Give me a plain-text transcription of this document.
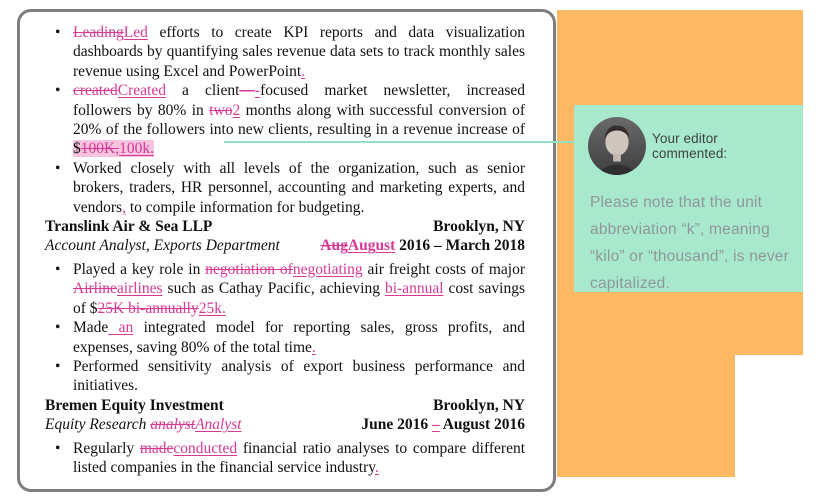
• LeadingLed efforts to create KPI reports and data visualization dashboards by quantifying sales revenue data sets to track monthly sales revenue using Excel and PowerPoint.
• createdCreated a client—-focused market newsletter, increased followers by 80% in two2 months along with successful conversion of 20% of the followers into new clients, resulting in a revenue increase of $100K,100k.
• Worked closely with all levels of the organization, such as senior brokers, traders, HR personnel, accounting and marketing experts, and vendors, to compile information for budgeting.
Translink Air & Sea LLP	Brooklyn, NY
Account Analyst, Exports Department	AugAugust 2016 – March 2018
• Played a key role in negotiation ofnegotiating air freight costs of major Airlineairlines such as Cathay Pacific, achieving bi-annual cost savings of $25K bi-annually25k.
• Made an integrated model for reporting sales, gross profits, and expenses, saving 80% of the total time.
• Performed sensitivity analysis of export business performance and initiatives.
Bremen Equity Investment	Brooklyn, NY
Equity Research analystAnalyst	June 2016 – August 2016
• Regularly madeconducted financial ratio analyses to compare different listed companies in the financial service industry.
Your editor commented:
Please note that the unit abbreviation “k”, meaning “kilo” or “thousand”, is never capitalized.
